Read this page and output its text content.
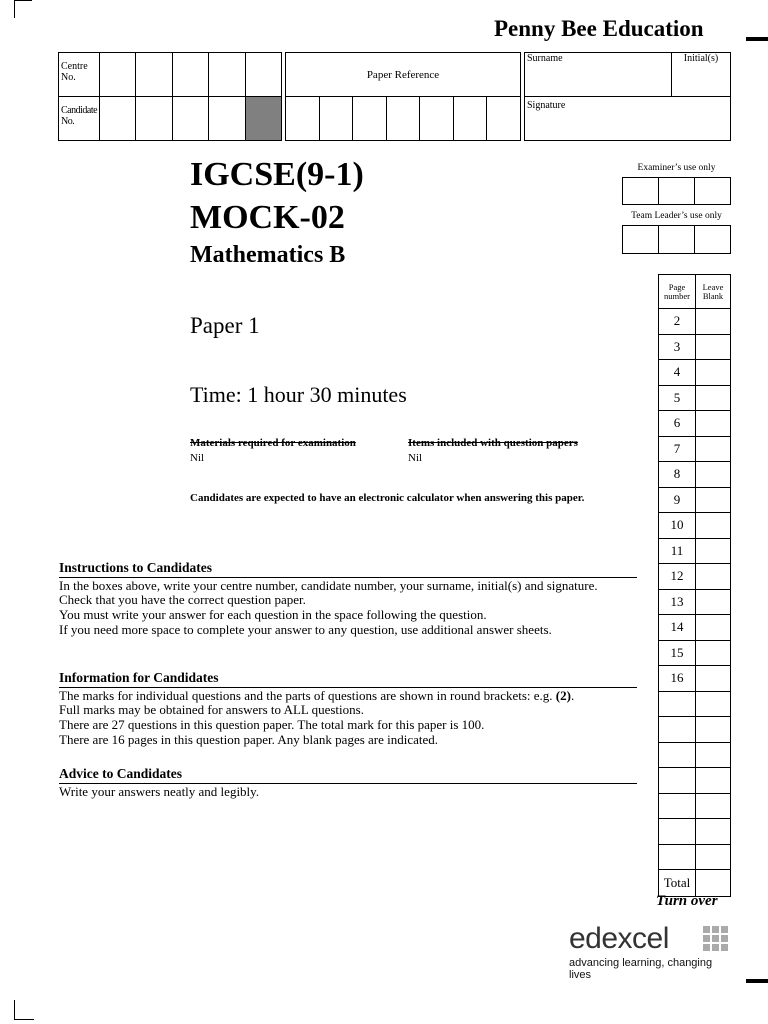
Penny Bee Education
Centre No.					
Candidate No.					
Paper Reference

Surname	Initial(s)
Signature
IGCSE(9-1)
MOCK-02
Mathematics B
Paper 1
Time: 1 hour 30 minutes
Materials required for examination
Nil
Items included with question papers
Nil
Candidates are expected to have an electronic calculator when answering this paper.
Examiner’s use only

Team Leader’s use only

Page number	Leave Blank
2	
3	
4	
5	
6	
7	
8	
9	
10	
11	
12	
13	
14	
15	
16	

Total	
Instructions to Candidates
In the boxes above, write your centre number, candidate number, your surname, initial(s) and signature.
Check that you have the correct question paper.
You must write your answer for each question in the space following the question.
If you need more space to complete your answer to any question, use additional answer sheets.
Information for Candidates
The marks for individual questions and the parts of questions are shown in round brackets: e.g. (2).
Full marks may be obtained for answers to ALL questions.
There are 27 questions in this question paper. The total mark for this paper is 100.
There are 16 pages in this question paper. Any blank pages are indicated.
Advice to Candidates
Write your answers neatly and legibly.
Turn over
edexcel
advancing learning, changing lives
